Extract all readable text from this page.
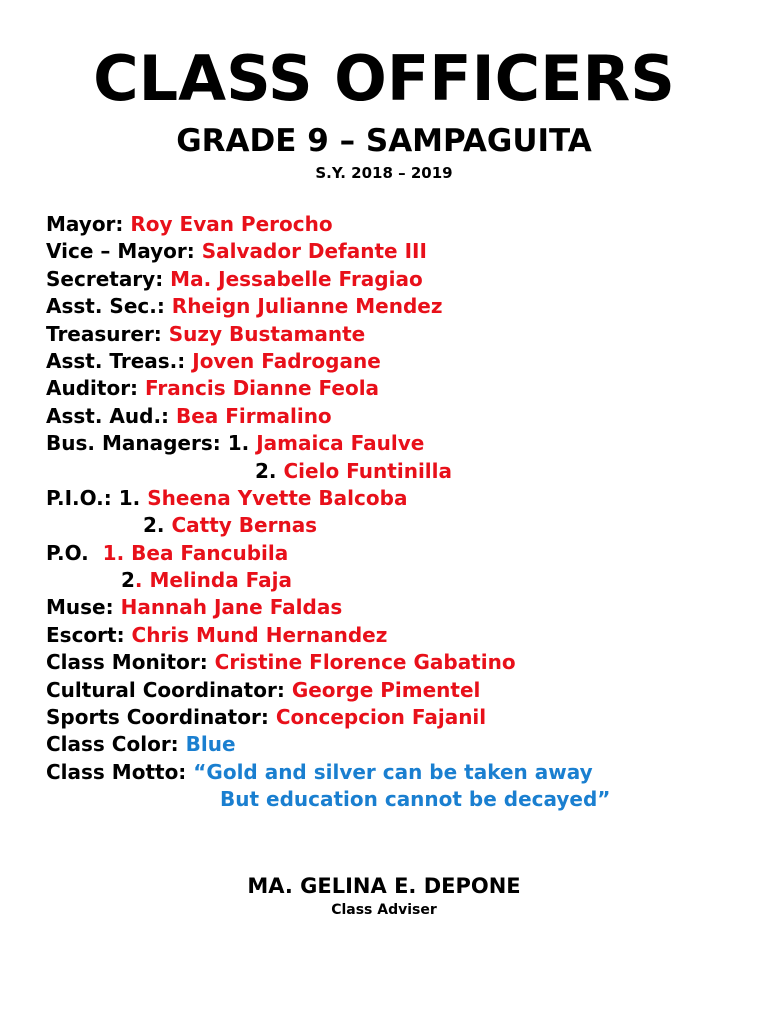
CLASS OFFICERS
GRADE 9 – SAMPAGUITA
S.Y. 2018 – 2019
Mayor: Roy Evan Perocho
Vice – Mayor: Salvador Defante III
Secretary: Ma. Jessabelle Fragiao
Asst. Sec.: Rheign Julianne Mendez
Treasurer: Suzy Bustamante
Asst. Treas.: Joven Fadrogane
Auditor: Francis Dianne Feola
Asst. Aud.: Bea Firmalino
Bus. Managers: 1. Jamaica Faulve
2. Cielo Funtinilla
P.I.O.: 1. Sheena Yvette Balcoba
2. Catty Bernas
P.O.  1. Bea Fancubila
2. Melinda Faja
Muse: Hannah Jane Faldas
Escort: Chris Mund Hernandez
Class Monitor: Cristine Florence Gabatino
Cultural Coordinator: George Pimentel
Sports Coordinator: Concepcion Fajanil
Class Color: Blue
Class Motto: “Gold and silver can be taken away
But education cannot be decayed”
MA. GELINA E. DEPONE
Class Adviser
